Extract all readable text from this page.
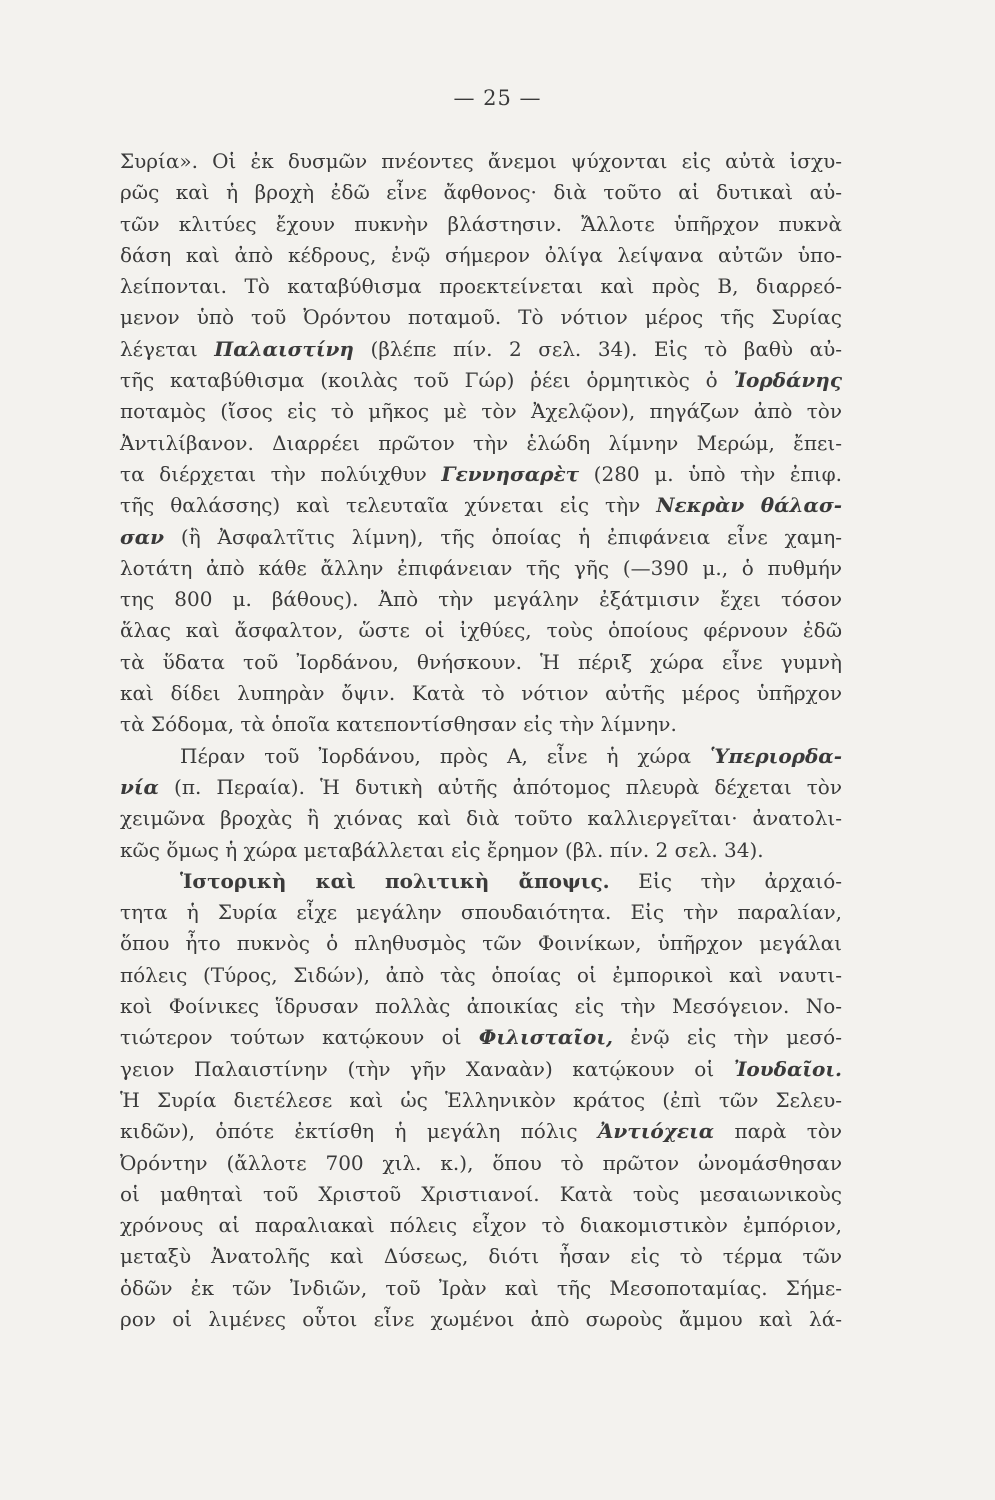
— 25 —
Συρία». Οἱ ἐκ δυσμῶν πνέοντες ἄνεμοι ψύχονται εἰς αὐτὰ ἰσχυ-
ρῶς καὶ ἡ βροχὴ ἐδῶ εἶνε ἄφθονος· διὰ τοῦτο αἱ δυτικαὶ αὐ-
τῶν κλιτύες ἔχουν πυκνὴν βλάστησιν. Ἄλλοτε ὑπῆρχον πυκνὰ
δάση καὶ ἀπὸ κέδρους, ἐνῷ σήμερον ὀλίγα λείψανα αὐτῶν ὑπο-
λείπονται. Τὸ καταβύθισμα προεκτείνεται καὶ πρὸς Β, διαρρεό-
μενον ὑπὸ τοῦ Ὀρόντου ποταμοῦ. Τὸ νότιον μέρος τῆς Συρίας
λέγεται Παλαιστίνη (βλέπε πίν. 2 σελ. 34). Εἰς τὸ βαθὺ αὐ-
τῆς καταβύθισμα (κοιλὰς τοῦ Γώρ) ῥέει ὁρμητικὸς ὁ Ἰορδάνης
ποταμὸς (ἴσος εἰς τὸ μῆκος μὲ τὸν Ἀχελῷον), πηγάζων ἀπὸ τὸν
Ἀντιλίβανον. Διαρρέει πρῶτον τὴν ἑλώδη λίμνην Μερώμ, ἔπει-
τα διέρχεται τὴν πολύιχθυν Γεννησαρὲτ (280 μ. ὑπὸ τὴν ἐπιφ.
τῆς θαλάσσης) καὶ τελευταῖα χύνεται εἰς τὴν Νεκρὰν θάλασ-
σαν (ἢ Ἀσφαλτῖτις λίμνη), τῆς ὁποίας ἡ ἐπιφάνεια εἶνε χαμη-
λοτάτη ἀπὸ κάθε ἄλλην ἐπιφάνειαν τῆς γῆς (—390 μ., ὁ πυθμήν
της 800 μ. βάθους). Ἀπὸ τὴν μεγάλην ἐξάτμισιν ἔχει τόσον
ἅλας καὶ ἄσφαλτον, ὥστε οἱ ἰχθύες, τοὺς ὁποίους φέρνουν ἐδῶ
τὰ ὕδατα τοῦ Ἰορδάνου, θνήσκουν. Ἡ πέριξ χώρα εἶνε γυμνὴ
καὶ δίδει λυπηρὰν ὄψιν. Κατὰ τὸ νότιον αὐτῆς μέρος ὑπῆρχον
τὰ Σόδομα, τὰ ὁποῖα κατεποντίσθησαν εἰς τὴν λίμνην.
Πέραν τοῦ Ἰορδάνου, πρὸς Α, εἶνε ἡ χώρα Ὑπεριορδα-
νία (π. Περαία). Ἡ δυτικὴ αὐτῆς ἀπότομος πλευρὰ δέχεται τὸν
χειμῶνα βροχὰς ἢ χιόνας καὶ διὰ τοῦτο καλλιεργεῖται· ἀνατολι-
κῶς ὅμως ἡ χώρα μεταβάλλεται εἰς ἔρημον (βλ. πίν. 2 σελ. 34).
Ἱστορικὴ καὶ πολιτικὴ ἄποψις. Εἰς τὴν ἀρχαιό-
τητα ἡ Συρία εἶχε μεγάλην σπουδαιότητα. Εἰς τὴν παραλίαν,
ὅπου ἦτο πυκνὸς ὁ πληθυσμὸς τῶν Φοινίκων, ὑπῆρχον μεγάλαι
πόλεις (Τύρος, Σιδών), ἀπὸ τὰς ὁποίας οἱ ἐμπορικοὶ καὶ ναυτι-
κοὶ Φοίνικες ἵδρυσαν πολλὰς ἀποικίας εἰς τὴν Μεσόγειον. Νο-
τιώτερον τούτων κατῴκουν οἱ Φιλισταῖοι, ἐνῷ εἰς τὴν μεσό-
γειον Παλαιστίνην (τὴν γῆν Χαναὰν) κατῴκουν οἱ Ἰουδαῖοι.
Ἡ Συρία διετέλεσε καὶ ὡς Ἑλληνικὸν κράτος (ἐπὶ τῶν Σελευ-
κιδῶν), ὁπότε ἐκτίσθη ἡ μεγάλη πόλις Ἀντιόχεια παρὰ τὸν
Ὀρόντην (ἄλλοτε 700 χιλ. κ.), ὅπου τὸ πρῶτον ὠνομάσθησαν
οἱ μαθηταὶ τοῦ Χριστοῦ Χριστιανοί. Κατὰ τοὺς μεσαιωνικοὺς
χρόνους αἱ παραλιακαὶ πόλεις εἶχον τὸ διακομιστικὸν ἐμπόριον,
μεταξὺ Ἀνατολῆς καὶ Δύσεως, διότι ἦσαν εἰς τὸ τέρμα τῶν
ὁδῶν ἐκ τῶν Ἰνδιῶν, τοῦ Ἰρὰν καὶ τῆς Μεσοποταμίας. Σήμε-
ρον οἱ λιμένες οὗτοι εἶνε χωμένοι ἀπὸ σωροὺς ἄμμου καὶ λά-
